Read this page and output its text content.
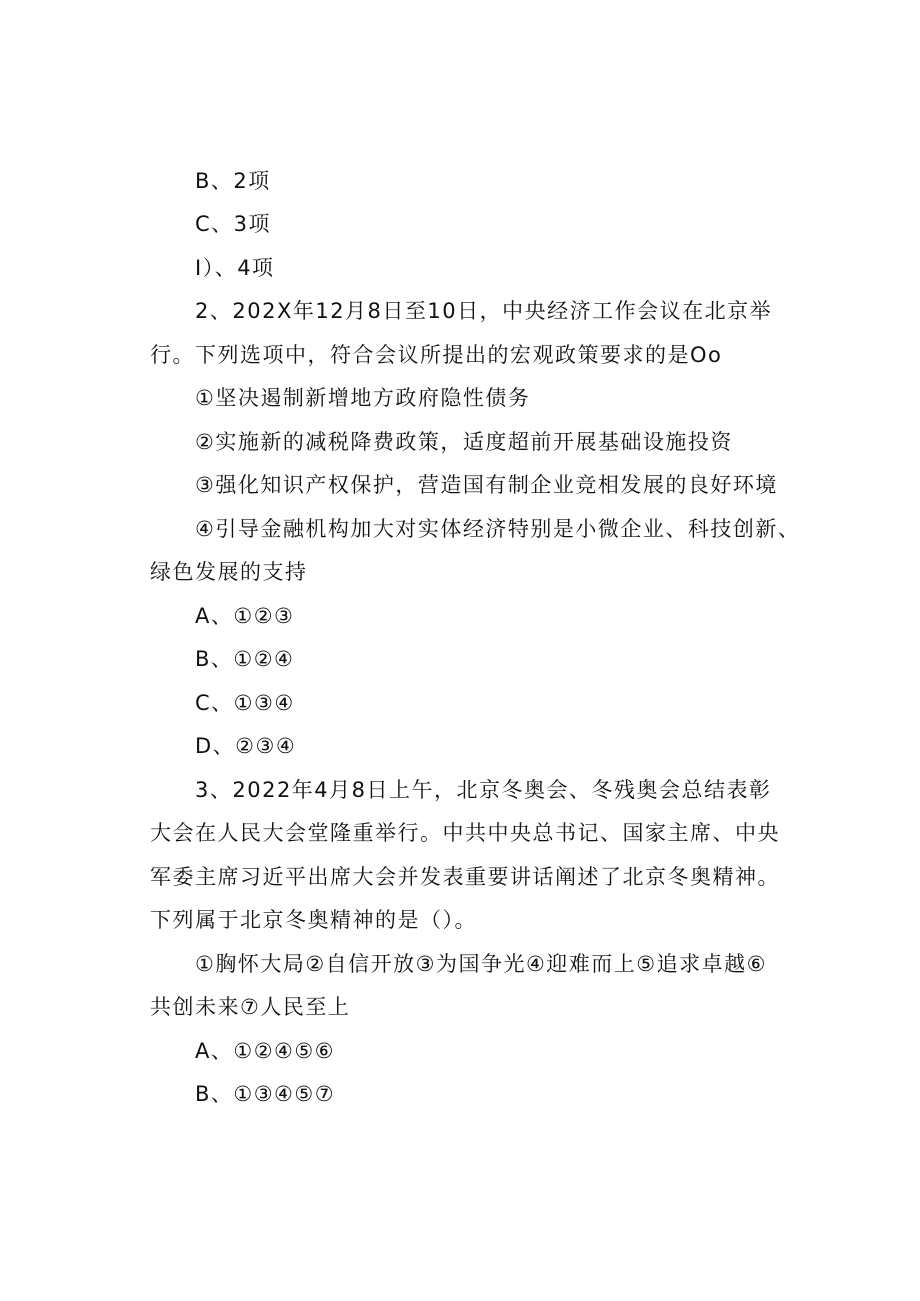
B、2项
C、3项
I）、4项
2、202X年12月8日至10日，中央经济工作会议在北京举
行。下列选项中，符合会议所提出的宏观政策要求的是Oo
①坚决遏制新增地方政府隐性债务
②实施新的减税降费政策，适度超前开展基础设施投资
③强化知识产权保护，营造国有制企业竞相发展的良好环境
④引导金融机构加大对实体经济特别是小微企业、科技创新、
绿色发展的支持
A、①②③
B、①②④
C、①③④
D、②③④
3、2022年4月8日上午，北京冬奥会、冬残奥会总结表彰
大会在人民大会堂隆重举行。中共中央总书记、国家主席、中央
军委主席习近平出席大会并发表重要讲话阐述了北京冬奥精神。
下列属于北京冬奥精神的是（）。
①胸怀大局②自信开放③为国争光④迎难而上⑤追求卓越⑥
共创未来⑦人民至上
A、①②④⑤⑥
B、①③④⑤⑦
